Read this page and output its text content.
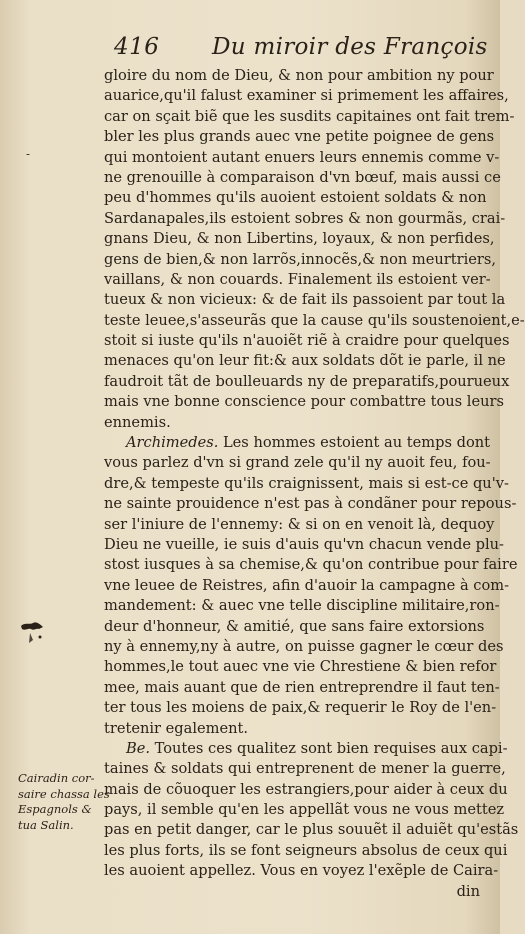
416 Du miroir des François
-
gloire du nom de Dieu, & non pour ambition ny pour
auarice,qu'il falust examiner si primement les affaires,
car on sçait biẽ que les susdits capitaines ont fait trem-
bler les plus grands auec vne petite poignee de gens
qui montoient autant enuers leurs ennemis comme v-
ne grenouille à comparaison d'vn bœuf, mais aussi ce
peu d'hommes qu'ils auoient estoient soldats & non
Sardanapales,ils estoient sobres & non gourmãs, crai-
gnans Dieu, & non Libertins, loyaux, & non perfides,
gens de bien,& non larrõs,innocẽs,& non meurtriers,
vaillans, & non couards. Finalement ils estoient ver-
tueux & non vicieux: & de fait ils passoient par tout la
teste leuee,s'asseurãs que la cause qu'ils soustenoient,e-
stoit si iuste qu'ils n'auoiẽt riẽ à craidre pour quelques
menaces qu'on leur fit:& aux soldats dõt ie parle, il ne
faudroit tãt de boulleuards ny de preparatifs,pourueux
mais vne bonne conscience pour combattre tous leurs
ennemis.
Archimedes. Les hommes estoient au temps dont
vous parlez d'vn si grand zele qu'il ny auoit feu, fou-
dre,& tempeste qu'ils craignissent, mais si est-ce qu'v-
ne sainte prouidence n'est pas à condãner pour repous-
ser l'iniure de l'ennemy: & si on en venoit là, dequoy
Dieu ne vueille, ie suis d'auis qu'vn chacun vende plu-
stost iusques à sa chemise,& qu'on contribue pour faire
vne leuee de Reistres, afin d'auoir la campagne à com-
mandement: & auec vne telle discipline militaire,ron-
deur d'honneur, & amitié, que sans faire extorsions
ny à ennemy,ny à autre, on puisse gagner le cœur des
hommes,le tout auec vne vie Chrestiene & bien refor
mee, mais auant que de rien entreprendre il faut ten-
ter tous les moiens de paix,& requerir le Roy de l'en-
tretenir egalement.
Be. Toutes ces qualitez sont bien requises aux capi-
taines & soldats qui entreprenent de mener la guerre,
mais de cõuoquer les estrangiers,pour aider à ceux du
pays, il semble qu'en les appellãt vous ne vous mettez
pas en petit danger, car le plus souuẽt il aduiẽt qu'estãs
les plus forts, ils se font seigneurs absolus de ceux qui
les auoient appellez. Vous en voyez l'exẽple de Caira-
din
Cairadin cor-
saire chassa les
Espagnols &
tua Salin.
